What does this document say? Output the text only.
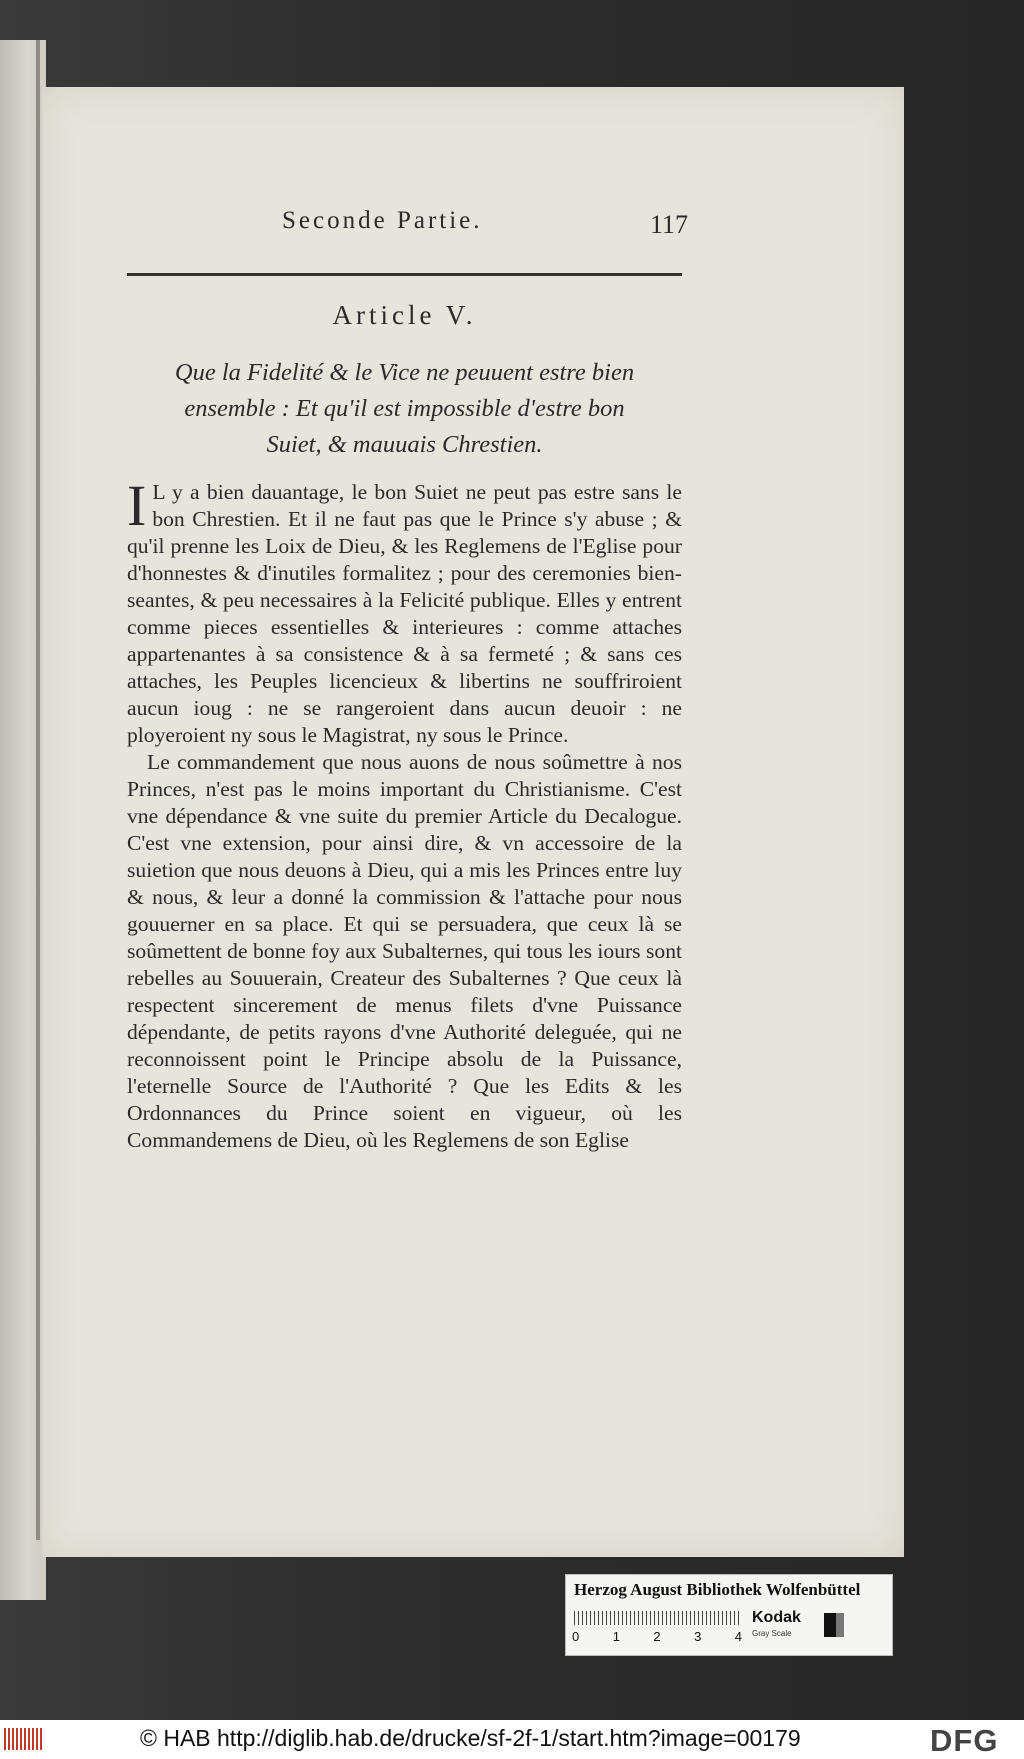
Seconde Partie.	117
Article V.
Que la Fidelité & le Vice ne peuuent estre bien
ensemble : Et qu'il est impossible d'estre bon
Suiet, & mauuais Chrestien.

I L y a bien dauantage, le bon Suiet ne peut pas estre sans le bon Chrestien. Et il ne faut pas que le Prince s'y abuse ; & qu'il prenne les Loix de Dieu, & les Reglemens de l'Eglise pour d'honnestes & d'inutiles formalitez ; pour des ceremonies bien-seantes, & peu necessaires à la Felicité publique. Elles y entrent comme pieces essentielles & interieures : comme attaches appartenantes à sa consistence & à sa fermeté ; & sans ces attaches, les Peuples licencieux & libertins ne souffriroient aucun ioug : ne se rangeroient dans aucun deuoir : ne ployeroient ny sous le Magistrat, ny sous le Prince.

Le commandement que nous auons de nous soûmettre à nos Princes, n'est pas le moins important du Christianisme. C'est vne dépendance & vne suite du premier Article du Decalogue. C'est vne extension, pour ainsi dire, & vn accessoire de la suietion que nous deuons à Dieu, qui a mis les Princes entre luy & nous, & leur a donné la commission & l'attache pour nous gouuerner en sa place. Et qui se persuadera, que ceux là se soûmettent de bonne foy aux Subalternes, qui tous les iours sont rebelles au Souuerain, Createur des Subalternes ? Que ceux là respectent sincerement de menus filets d'vne Puissance dépendante, de petits rayons d'vne Authorité deleguée, qui ne reconnoissent point le Principe absolu de la Puissance, l'eternelle Source de l'Authorité ? Que les Edits & les Ordonnances du Prince soient en vigueur, où les Commandemens de Dieu, où les Reglemens de son Eglise

Herzog August Bibliothek Wolfenbüttel
0	1	2	3	4
Kodak
Gray Scale
© HAB http://diglib.hab.de/drucke/sf-2f-1/start.htm?image=00179	DFG
